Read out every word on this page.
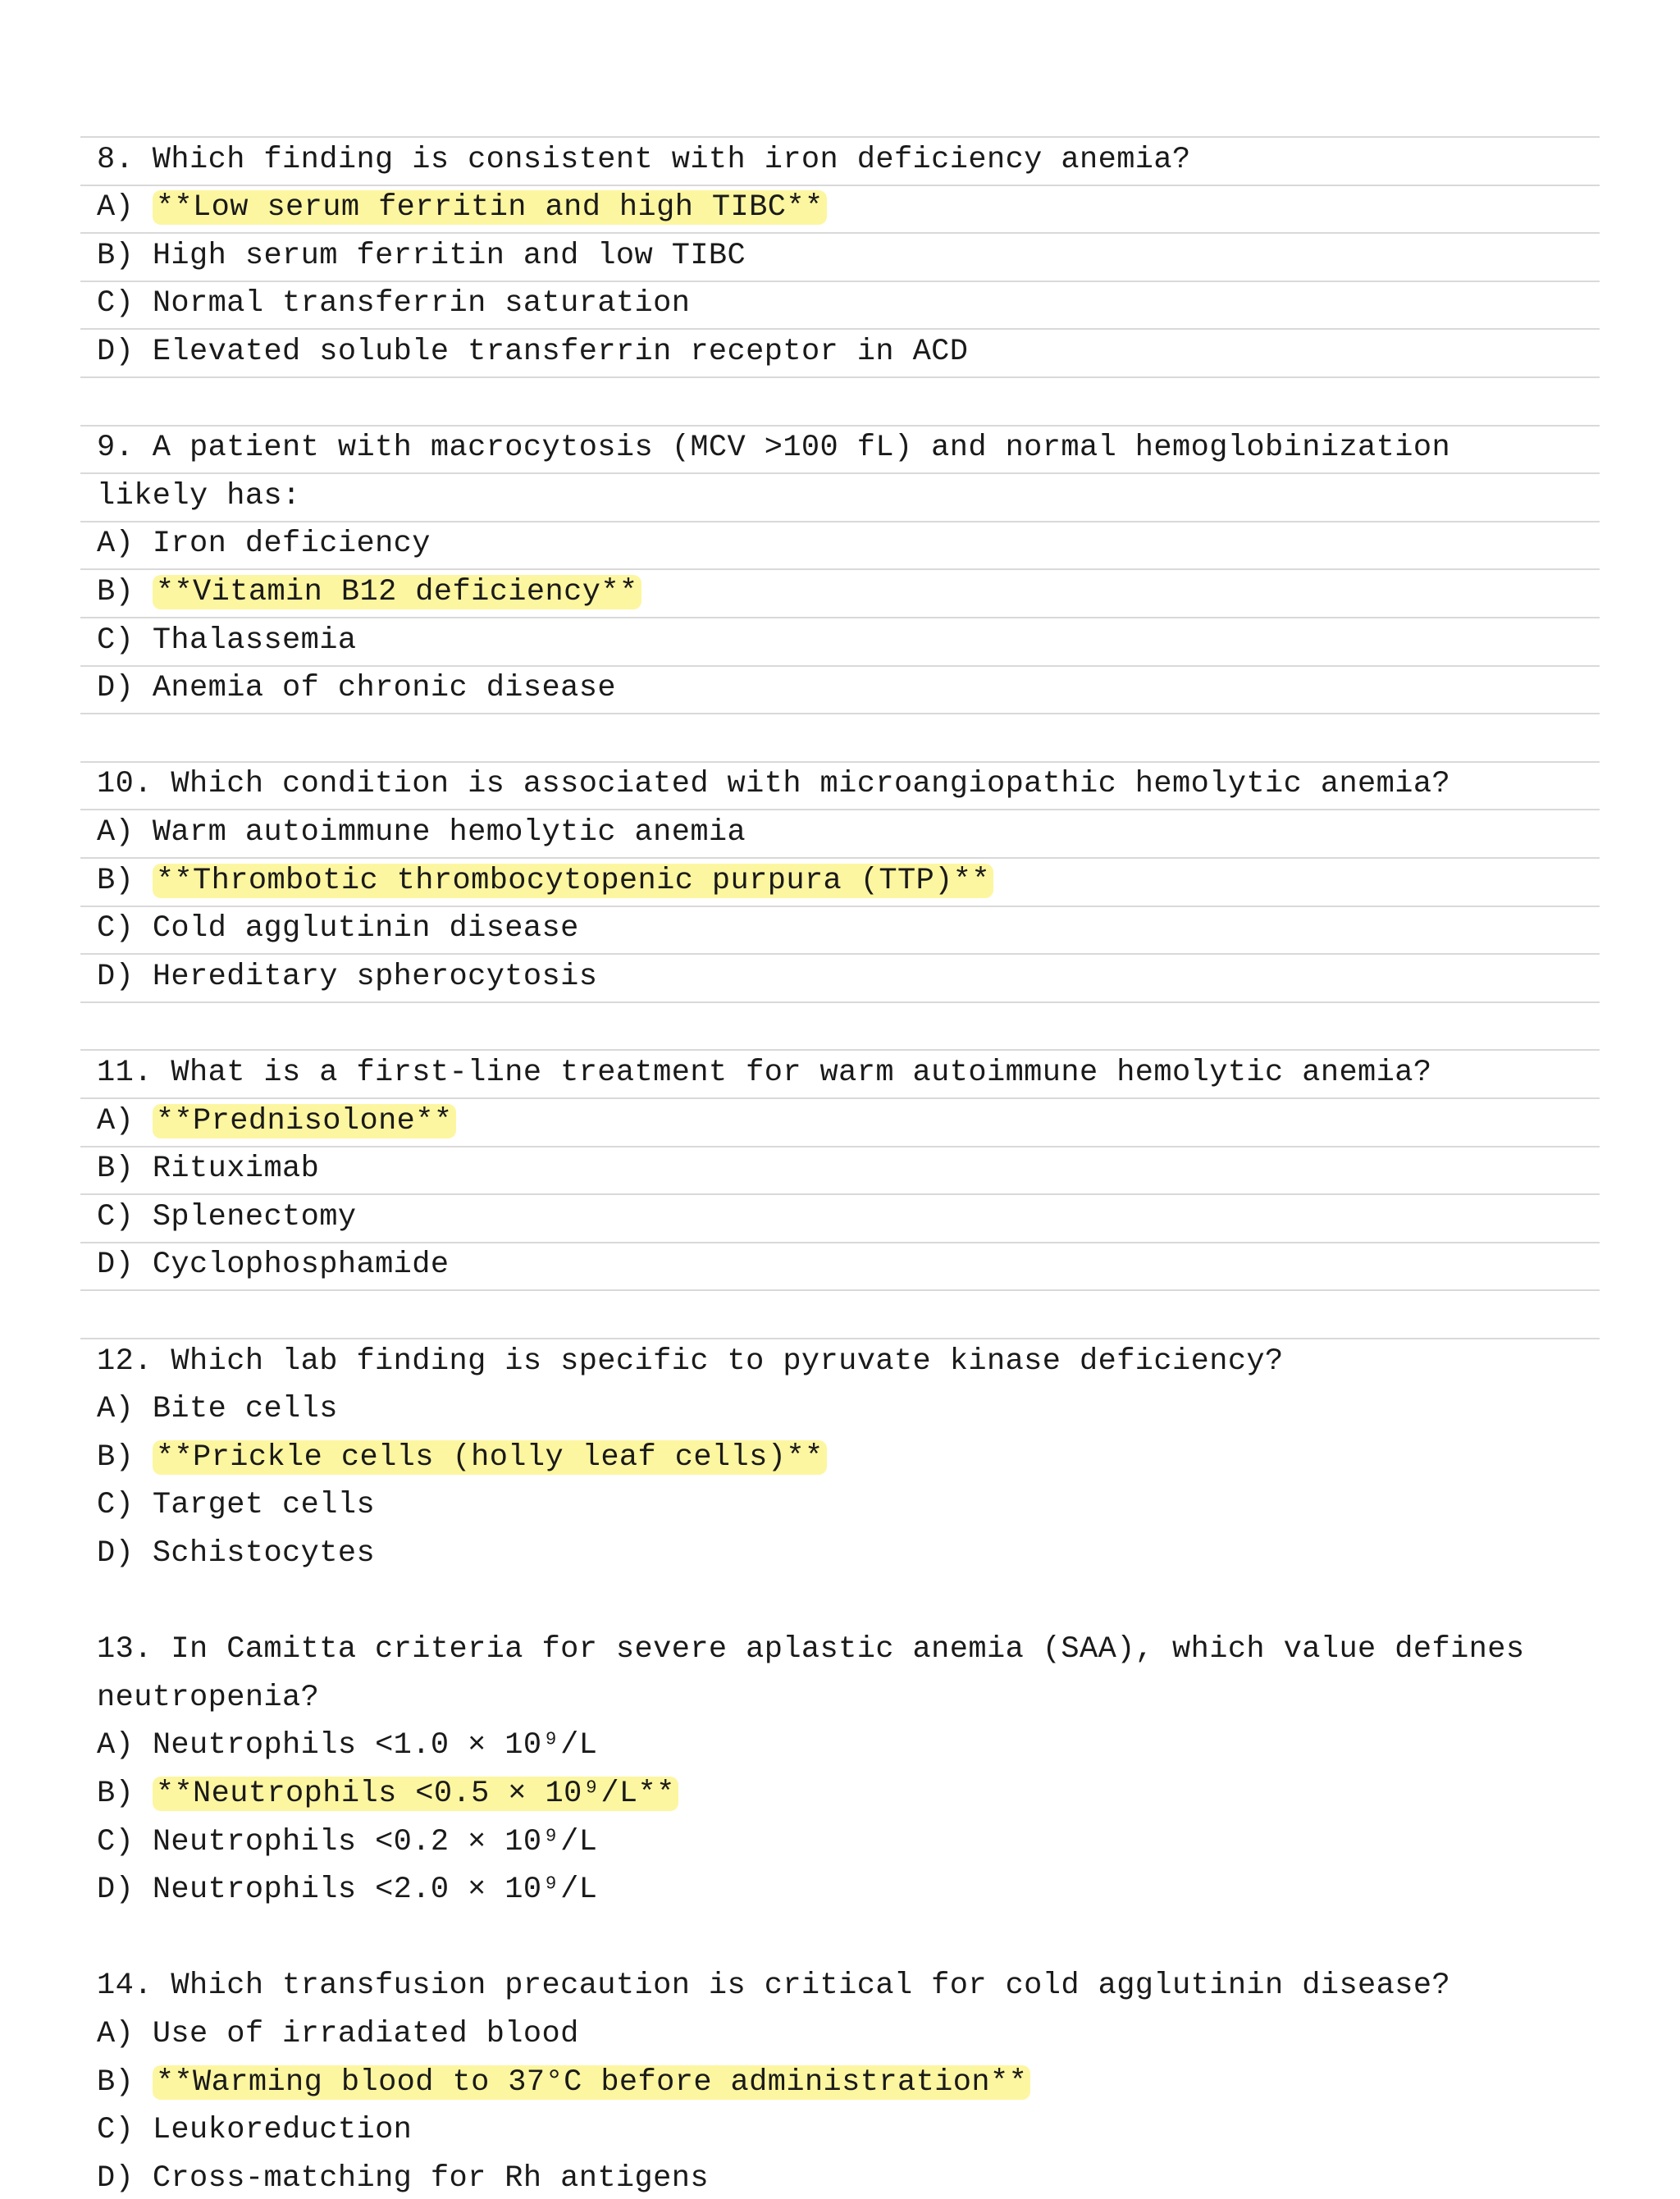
8. Which finding is consistent with iron deficiency anemia?
A) **Low serum ferritin and high TIBC**
B) High serum ferritin and low TIBC
C) Normal transferrin saturation
D) Elevated soluble transferrin receptor in ACD
9. A patient with macrocytosis (MCV >100 fL) and normal hemoglobinization
likely has:
A) Iron deficiency
B) **Vitamin B12 deficiency**
C) Thalassemia
D) Anemia of chronic disease
10. Which condition is associated with microangiopathic hemolytic anemia?
A) Warm autoimmune hemolytic anemia
B) **Thrombotic thrombocytopenic purpura (TTP)**
C) Cold agglutinin disease
D) Hereditary spherocytosis
11. What is a first-line treatment for warm autoimmune hemolytic anemia?
A) **Prednisolone**
B) Rituximab
C) Splenectomy
D) Cyclophosphamide
12. Which lab finding is specific to pyruvate kinase deficiency?
A) Bite cells
B) **Prickle cells (holly leaf cells)**
C) Target cells
D) Schistocytes
13. In Camitta criteria for severe aplastic anemia (SAA), which value defines
neutropenia?
A) Neutrophils <1.0 × 10⁹/L
B) **Neutrophils <0.5 × 10⁹/L**
C) Neutrophils <0.2 × 10⁹/L
D) Neutrophils <2.0 × 10⁹/L
14. Which transfusion precaution is critical for cold agglutinin disease?
A) Use of irradiated blood
B) **Warming blood to 37°C before administration**
C) Leukoreduction
D) Cross-matching for Rh antigens
